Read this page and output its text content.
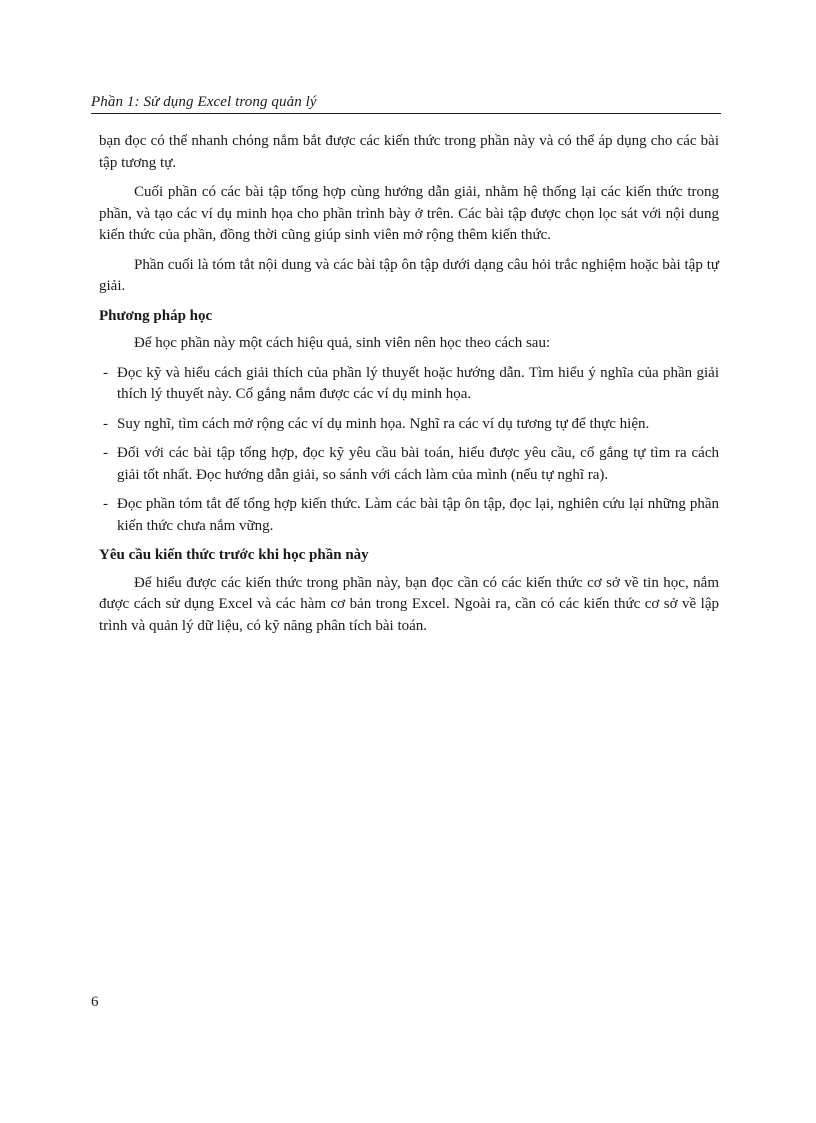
Phần 1: Sử dụng Excel trong quản lý

bạn đọc có thể nhanh chóng nắm bắt được các kiến thức trong phần này và có thể áp dụng cho các bài tập tương tự.

Cuối phần có các bài tập tổng hợp cùng hướng dẫn giải, nhằm hệ thống lại các kiến thức trong phần, và tạo các ví dụ minh họa cho phần trình bày ở trên. Các bài tập được chọn lọc sát với nội dung kiến thức của phần, đồng thời cũng giúp sinh viên mở rộng thêm kiến thức.

Phần cuối là tóm tắt nội dung và các bài tập ôn tập dưới dạng câu hỏi trắc nghiệm hoặc bài tập tự giải.

Phương pháp học

Để học phần này một cách hiệu quả, sinh viên nên học theo cách sau:

- Đọc kỹ và hiểu cách giải thích của phần lý thuyết hoặc hướng dẫn. Tìm hiểu ý nghĩa của phần giải thích lý thuyết này. Cố gắng nắm được các ví dụ minh họa.
- Suy nghĩ, tìm cách mở rộng các ví dụ minh họa. Nghĩ ra các ví dụ tương tự để thực hiện.
- Đối với các bài tập tổng hợp, đọc kỹ yêu cầu bài toán, hiểu được yêu cầu, cố gắng tự tìm ra cách giải tốt nhất. Đọc hướng dẫn giải, so sánh với cách làm của mình (nếu tự nghĩ ra).
- Đọc phần tóm tắt để tổng hợp kiến thức. Làm các bài tập ôn tập, đọc lại, nghiên cứu lại những phần kiến thức chưa nắm vững.
Yêu cầu kiến thức trước khi học phần này

Để hiểu được các kiến thức trong phần này, bạn đọc cần có các kiến thức cơ sở về tin học, nắm được cách sử dụng Excel và các hàm cơ bản trong Excel. Ngoài ra, cần có các kiến thức cơ sở về lập trình và quản lý dữ liệu, có kỹ năng phân tích bài toán.

6
